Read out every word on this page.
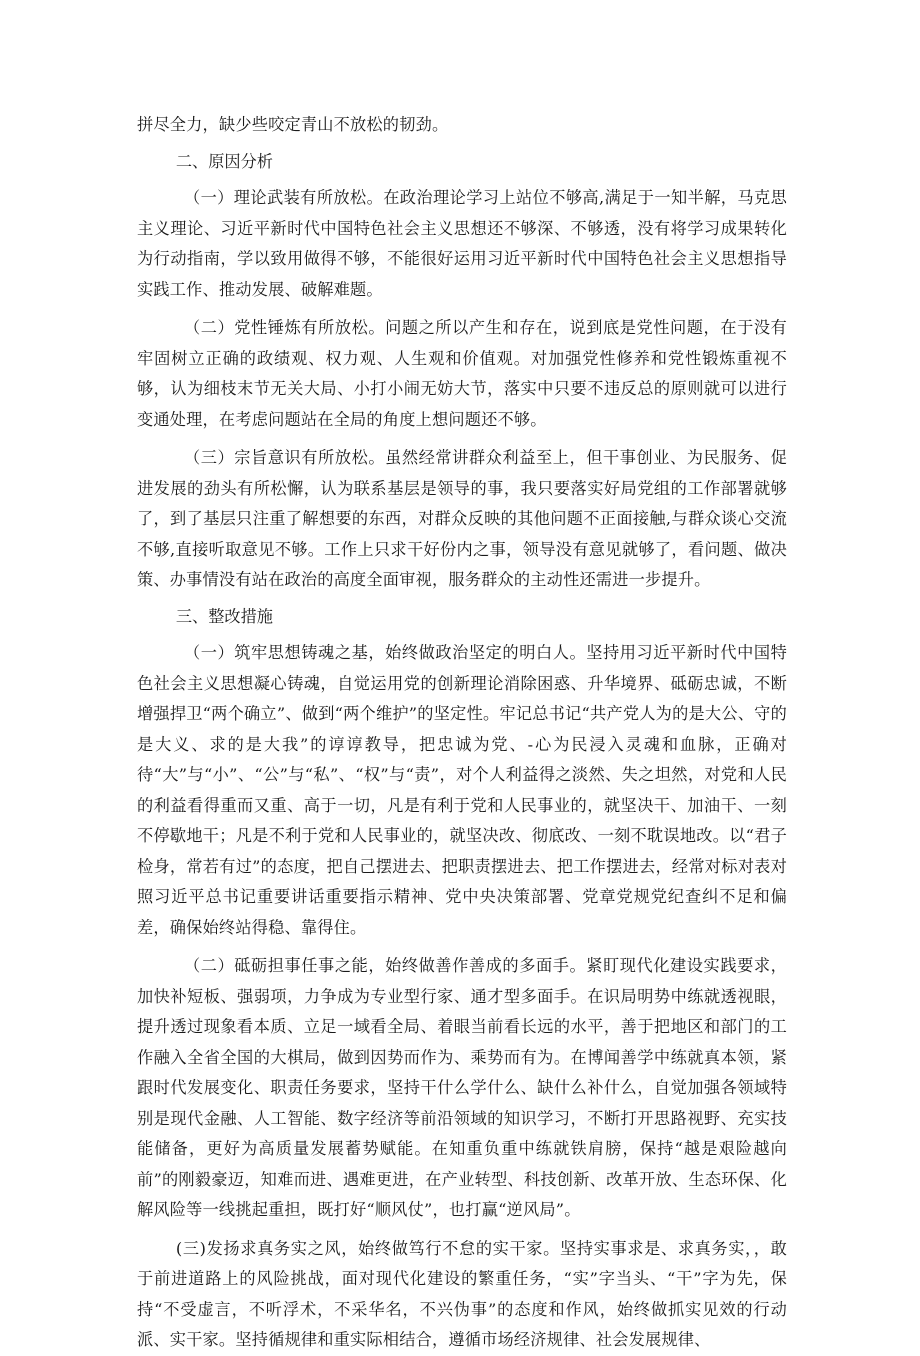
拼尽全力，缺少些咬定青山不放松的韧劲。

二、原因分析

（一）理论武装有所放松。在政治理论学习上站位不够高,满足于一知半解，马克思主义理论、习近平新时代中国特色社会主义思想还不够深、不够透，没有将学习成果转化为行动指南，学以致用做得不够，不能很好运用习近平新时代中国特色社会主义思想指导实践工作、推动发展、破解难题。

（二）党性锤炼有所放松。问题之所以产生和存在，说到底是党性问题，在于没有牢固树立正确的政绩观、权力观、人生观和价值观。对加强党性修养和党性锻炼重视不够，认为细枝末节无关大局、小打小闹无妨大节，落实中只要不违反总的原则就可以进行变通处理，在考虑问题站在全局的角度上想问题还不够。

（三）宗旨意识有所放松。虽然经常讲群众利益至上，但干事创业、为民服务、促进发展的劲头有所松懈，认为联系基层是领导的事，我只要落实好局党组的工作部署就够了，到了基层只注重了解想要的东西，对群众反映的其他问题不正面接触,与群众谈心交流不够,直接听取意见不够。工作上只求干好份内之事，领导没有意见就够了，看问题、做决策、办事情没有站在政治的高度全面审视，服务群众的主动性还需进一步提升。

三、整改措施

（一）筑牢思想铸魂之基，始终做政治坚定的明白人。坚持用习近平新时代中国特色社会主义思想凝心铸魂，自觉运用党的创新理论消除困惑、升华境界、砥砺忠诚，不断增强捍卫“两个确立”、做到“两个维护”的坚定性。牢记总书记“共产党人为的是大公、守的是大义、求的是大我”的谆谆教导，把忠诚为党、-心为民浸入灵魂和血脉，正确对待“大”与“小”、“公”与“私”、“权”与“责”，对个人利益得之淡然、失之坦然，对党和人民的利益看得重而又重、高于一切，凡是有利于党和人民事业的，就坚决干、加油干、一刻不停歇地干；凡是不利于党和人民事业的，就坚决改、彻底改、一刻不耽误地改。以“君子检身，常若有过”的态度，把自己摆进去、把职责摆进去、把工作摆进去，经常对标对表对照习近平总书记重要讲话重要指示精神、党中央决策部署、党章党规党纪查纠不足和偏差，确保始终站得稳、靠得住。

（二）砥砺担事任事之能，始终做善作善成的多面手。紧盯现代化建设实践要求，加快补短板、强弱项，力争成为专业型行家、通才型多面手。在识局明势中练就透视眼，提升透过现象看本质、立足一域看全局、着眼当前看长远的水平，善于把地区和部门的工作融入全省全国的大棋局，做到因势而作为、乘势而有为。在博闻善学中练就真本领，紧跟时代发展变化、职责任务要求，坚持干什么学什么、缺什么补什么，自觉加强各领域特别是现代金融、人工智能、数字经济等前沿领域的知识学习，不断打开思路视野、充实技能储备，更好为高质量发展蓄势赋能。在知重负重中练就铁肩膀，保持“越是艰险越向前”的刚毅豪迈，知难而进、遇难更进，在产业转型、科技创新、改革开放、生态环保、化解风险等一线挑起重担，既打好“顺风仗”，也打赢“逆风局”。

(三)发扬求真务实之风，始终做笃行不怠的实干家。坚持实事求是、求真务实，，敢于前进道路上的风险挑战，面对现代化建设的繁重任务，“实”字当头、“干”字为先，保持“不受虚言，不听浮术，不采华名，不兴伪事”的态度和作风，始终做抓实见效的行动派、实干家。坚持循规律和重实际相结合，遵循市场经济规律、社会发展规律、
